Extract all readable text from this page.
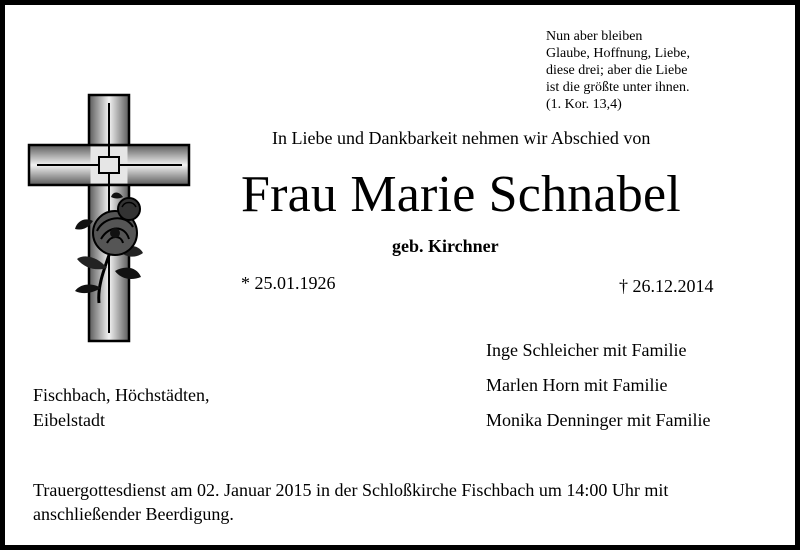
Nun aber bleiben
Glaube, Hoffnung, Liebe,
diese drei; aber die Liebe
ist die größte unter ihnen.
(1. Kor. 13,4)
In Liebe und Dankbarkeit nehmen wir Abschied von
Frau Marie Schnabel
geb. Kirchner
* 25.01.1926	† 26.12.2014
Inge Schleicher mit Familie
Marlen Horn mit Familie
Monika Denninger mit Familie
Fischbach, Höchstädten,
Eibelstadt
Trauergottesdienst am 02. Januar 2015 in der Schloßkirche Fischbach um 14:00 Uhr mit anschließender Beerdigung.
